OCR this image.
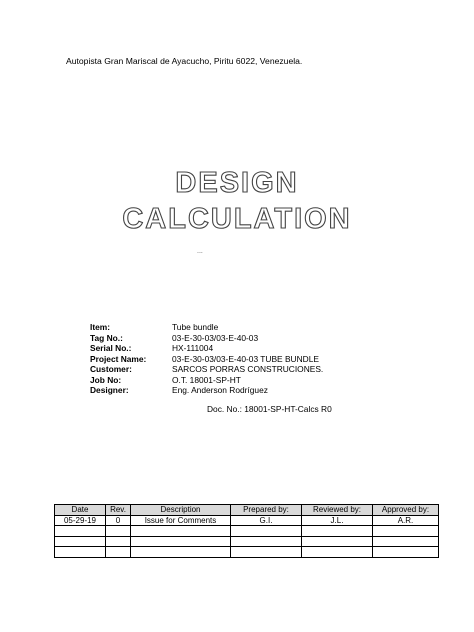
Autopista Gran Mariscal de Ayacucho, Piritu 6022, Venezuela.
DESIGN
CALCULATION
...
Item:	Tube bundle
Tag No.:	03-E-30-03/03-E-40-03
Serial No.:	HX-111004
Project Name:	03-E-30-03/03-E-40-03 TUBE BUNDLE
Customer:	SARCOS PORRAS CONSTRUCIONES.
Job No:	O.T. 18001-SP-HT
Designer:	Eng. Anderson Rodríguez
Doc. No.: 18001-SP-HT-Calcs R0
Date	Rev.	Description	Prepared by:	Reviewed by:	Approved by:
05-29-19	0	Issue for Comments	G.I.	J.L.	A.R.
